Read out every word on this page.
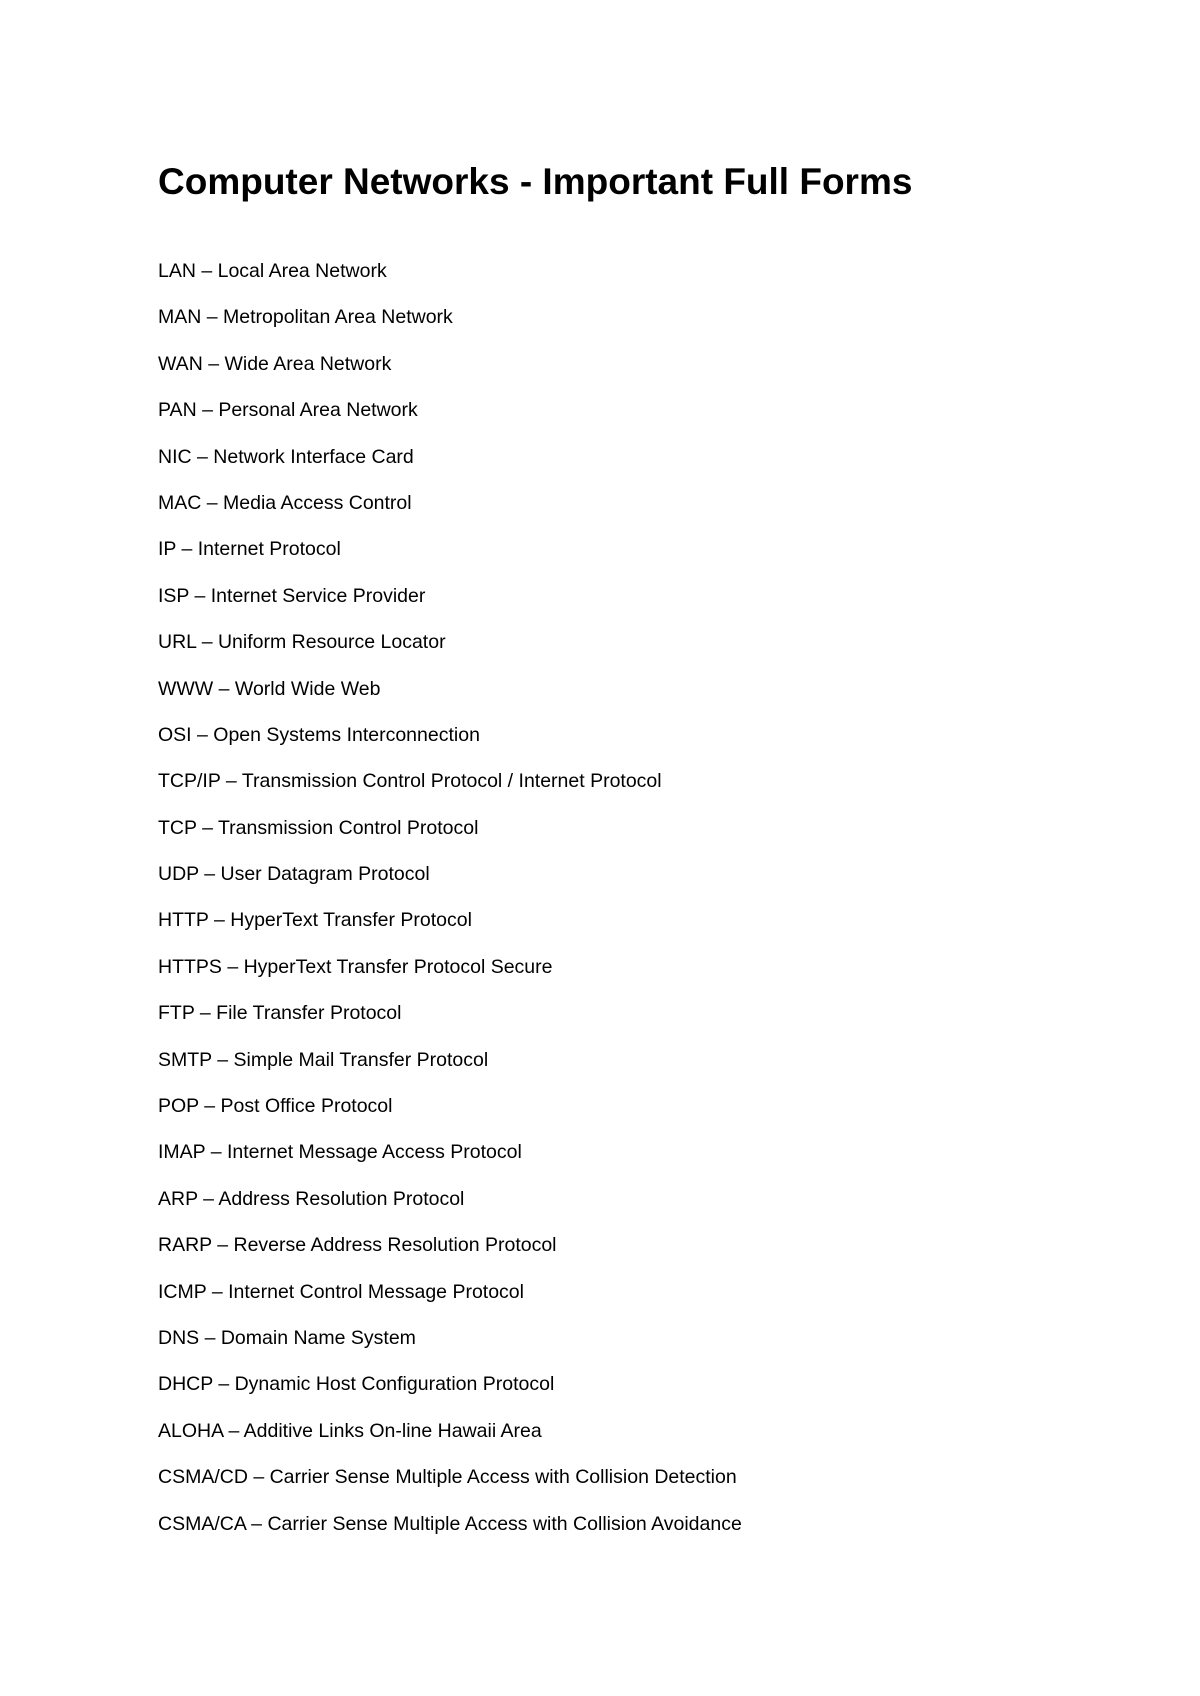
Computer Networks - Important Full Forms
LAN – Local Area Network
MAN – Metropolitan Area Network
WAN – Wide Area Network
PAN – Personal Area Network
NIC – Network Interface Card
MAC – Media Access Control
IP – Internet Protocol
ISP – Internet Service Provider
URL – Uniform Resource Locator
WWW – World Wide Web
OSI – Open Systems Interconnection
TCP/IP – Transmission Control Protocol / Internet Protocol
TCP – Transmission Control Protocol
UDP – User Datagram Protocol
HTTP – HyperText Transfer Protocol
HTTPS – HyperText Transfer Protocol Secure
FTP – File Transfer Protocol
SMTP – Simple Mail Transfer Protocol
POP – Post Office Protocol
IMAP – Internet Message Access Protocol
ARP – Address Resolution Protocol
RARP – Reverse Address Resolution Protocol
ICMP – Internet Control Message Protocol
DNS – Domain Name System
DHCP – Dynamic Host Configuration Protocol
ALOHA – Additive Links On-line Hawaii Area
CSMA/CD – Carrier Sense Multiple Access with Collision Detection
CSMA/CA – Carrier Sense Multiple Access with Collision Avoidance
